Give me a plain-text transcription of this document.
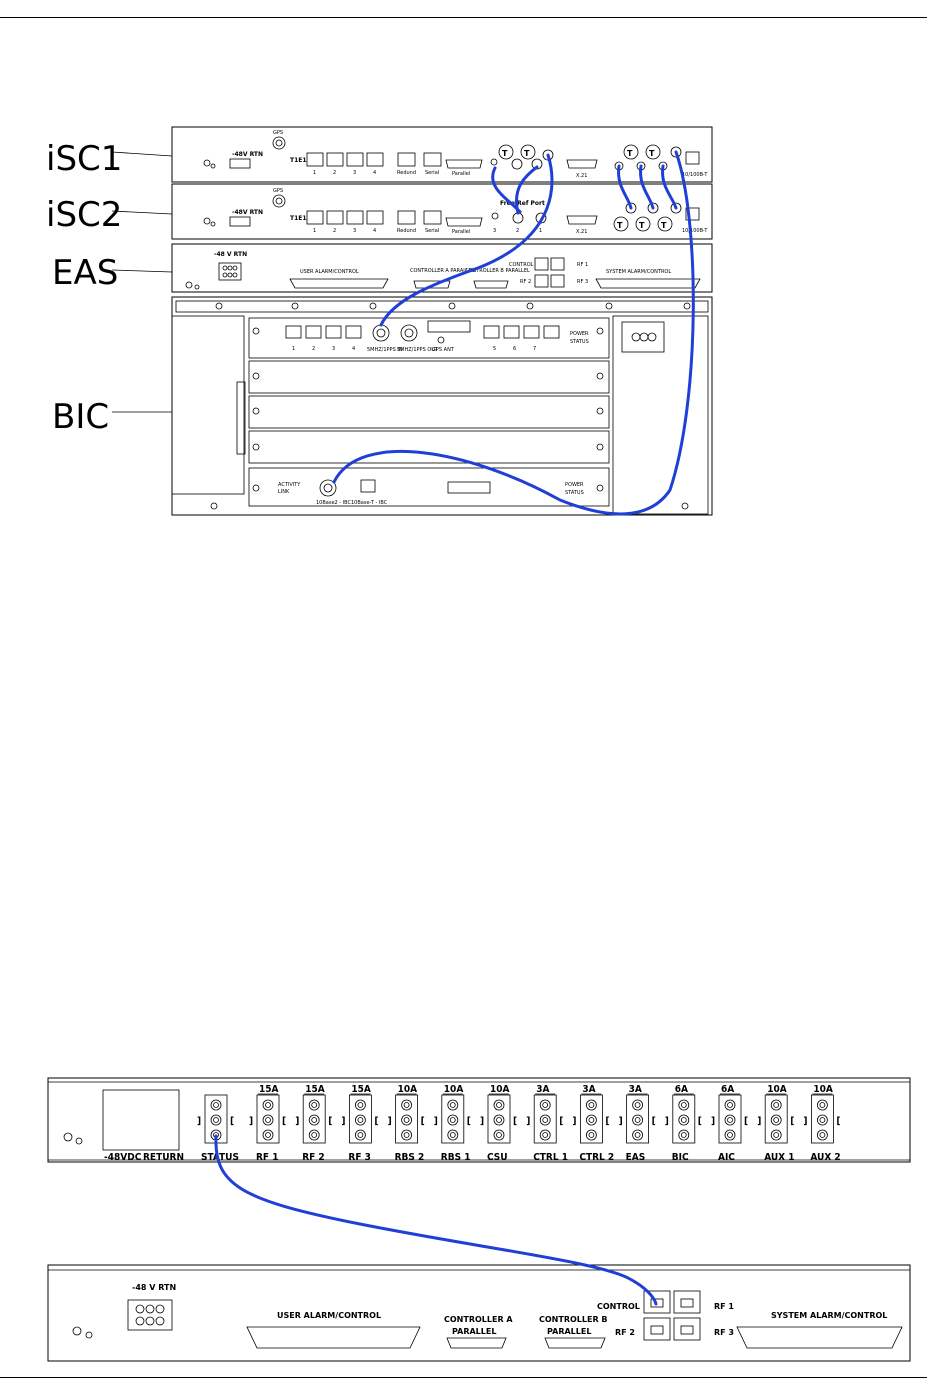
iSC1
iSC2
EAS
BIC
-48V RTN
GPS
T1E1
1	2	3	4	Redund Serial	Parallel
T T
X.21
T T
10/100B-T
-48V RTN
GPS
T1E1
1	2	3	4	Redund Serial	Parallel
Freq Ref Port
3	2	1	X.21
T T T
10/100B-T
-48 V RTN
USER ALARM/CONTROL	CONTROLLER A PARALLEL
CONTROLLER B PARALLEL
CONTROL
RF 2
RF 1
RF 3
SYSTEM ALARM/CONTROL
1	2	3	4 5MHZ/1PPS IN
5MHZ/1PPS OUT
GPS ANT	5	6	7
POWER
STATUS
ACTIVITY
LINK
10Base2 - IBC 10Base-T - IBC
POWER
STATUS
-48VDC RETURN
]	[ ]	[
15A
RF 1
]	[
15A
RF 2
]	[
15A
RF 3
]	[
10A
RBS 2
]	[
10A
RBS 1
]	[
10A
CSU
]	[
3A
CTRL 1
]	[
3A
CTRL 2
]	[
3A
EAS
]	[
6A
BIC
]	[
6A
AIC
]	[
10A
AUX 1
]	[
10A
AUX 2
STATUS
-48 V RTN
USER ALARM/CONTROL	CONTROLLER A
PARALLEL
CONTROLLER B
PARALLEL
CONTROL
RF 2
RF 1
RF 3
SYSTEM ALARM/CONTROL
